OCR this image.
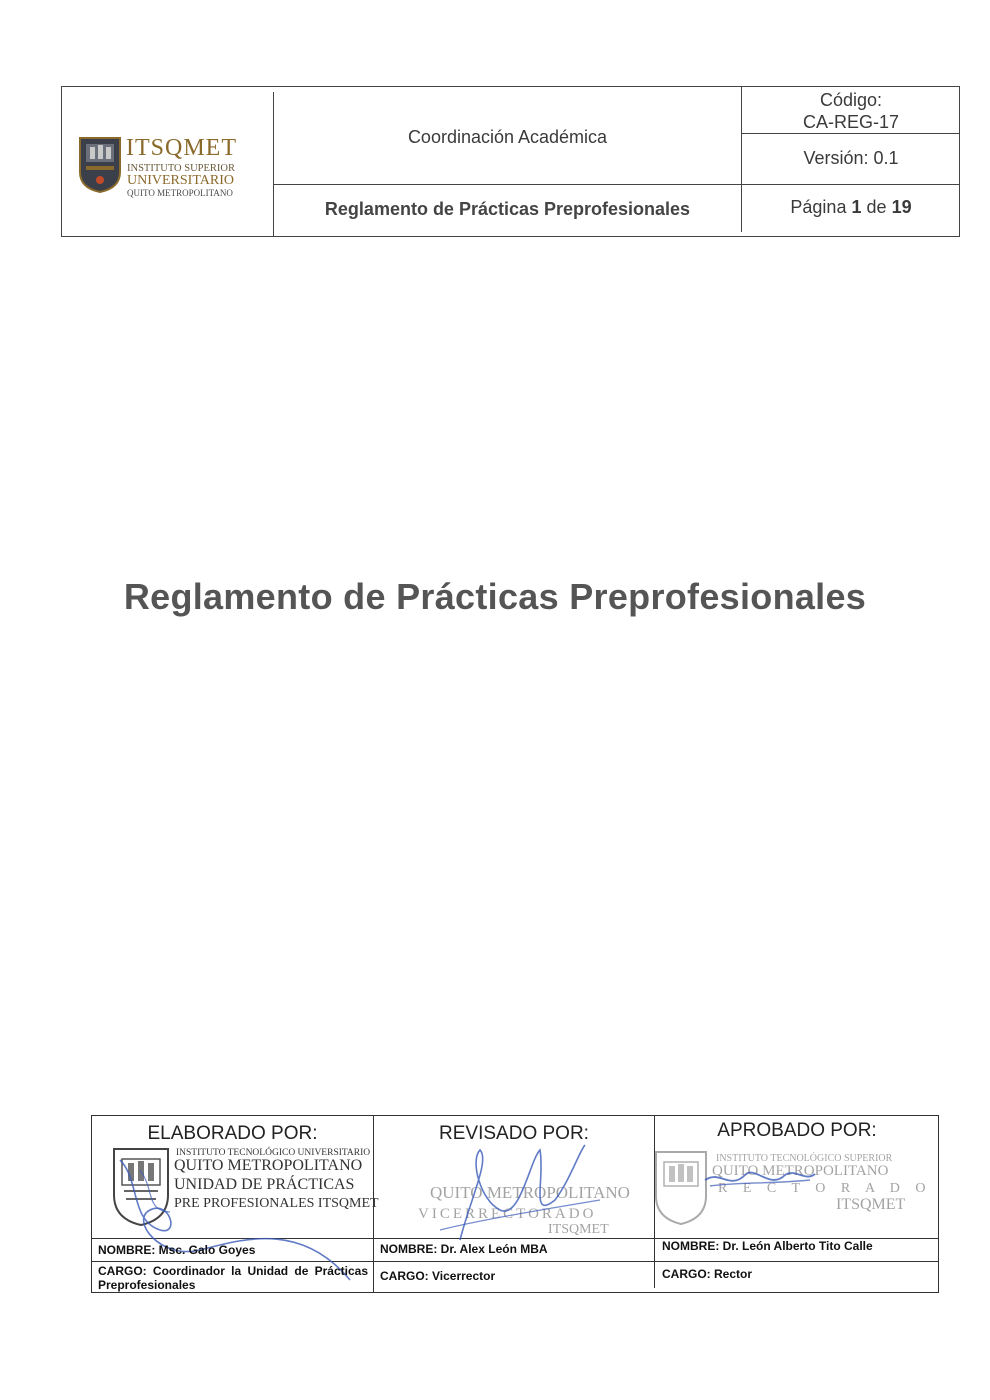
ITSQMET
INSTITUTO SUPERIOR
UNIVERSITARIO
QUITO METROPOLITANO
Coordinación Académica
Reglamento de Prácticas Preprofesionales
Código:
CA-REG-17
Versión: 0.1
Página 1 de 19
Reglamento de Prácticas Preprofesionales
ELABORADO POR:
INSTITUTO TECNOLÓGICO UNIVERSITARIO
QUITO METROPOLITANO
UNIDAD DE PRÁCTICAS
PRE PROFESIONALES ITSQMET
NOMBRE: Msc. Galo Goyes
CARGO: Coordinador la Unidad de Prácticas Preprofesionales
REVISADO POR:
QUITO METROPOLITANO
VICERRECTORADO
ITSQMET
NOMBRE: Dr. Alex León MBA
CARGO: Vicerrector
APROBADO POR:
INSTITUTO TECNOLÓGICO SUPERIOR
QUITO METROPOLITANO
R E C T O R A D O
ITSQMET
NOMBRE: Dr. León Alberto Tito Calle
CARGO: Rector
